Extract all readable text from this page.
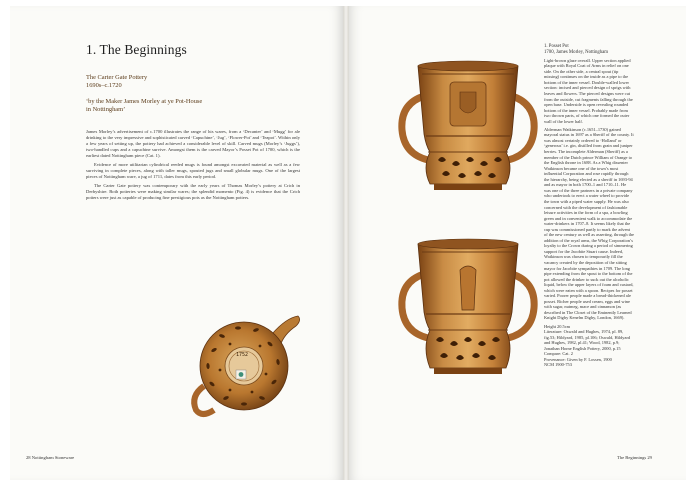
1. The Beginnings
The Carter Gate Pottery
1690s–c.1720
‘by the Maker James Morley at ye Pot-House
in Nottingham’

James Morley’s advertisement of c.1700 illustrates the range of his wares, from a ‘Decanter’ and ‘Mugg’ for ale drinking to the very impressive and sophisticated carved ‘Capuchine’, ‘Jug’, ‘Flower-Pot’ and ‘Teapot’. Within only a few years of setting up, the pottery had achieved a considerable level of skill. Carved mugs (Morley’s ‘Juggs’), two-handled cups and a capuchine survive. Amongst them is the carved Mayor’s Posset Pot of 1700, which is the earliest dated Nottingham piece (Cat. 1).

Evidence of more utilitarian cylindrical reeded mugs is found amongst excavated material as well as a few surviving in complete pieces, along with taller mugs, spouted jugs and small globular mugs. One of the largest pieces of Nottingham ware, a jug of 1711, dates from this early period.

The Carter Gate pottery was contemporary with the early years of Thomas Morley’s pottery at Crich in Derbyshire. Both potteries were making similar wares; the splendid momento (Fig. 4) is evidence that the Crich potters were just as capable of producing fine prestigious pots as the Nottingham potters.

1752
28 Nottingham Stoneware

1. Posset Pot

1700, James Morley, Nottingham

Light-brown glaze overall. Upper section applied plaque with Royal Coat of Arms in relief on one side. On the other side, a central spout (tip missing) continues on the inside as a pipe to the bottom of the inner vessel. Double-walled lower section: incised and pierced design of sprigs with leaves and flowers. The pierced designs were cut from the outside, cut fragments falling through the open base. Underside is open revealing rounded bottom of the inner vessel. Probably made from two thrown parts, of which one formed the outer wall of the lower half.

Alderman Watkinson (c.1651–1730) gained mayoral status in 1697 as a Sheriff of the county. It was almost certainly ordered to ‘Holland’ or ‘generous’ i.e. gin, distilled from grain and juniper berries. The incomplete Alderman (Sheriff) as a member of the Dutch prince William of Orange to the English throne in 1688. As a Whig dissenter Watkinson became one of the town’s most influential Corporation and rose rapidly through the hierarchy, being elected as a sheriff in 1693-94 and as mayor in both 1700–1 and 1710–11. He was one of the three partners in a private company who undertook to erect a water wheel to provide the town with a piped water supply. He was also concerned with the development of fashionable leisure activities in the form of a spa, a bowling green and in convenient walk to accommodate the water-drinkers in 1707–8. It seems likely that the cup was commissioned partly to mark the advent of the new century as well as asserting, through the addition of the royal arms, the Whig Corporation’s loyalty to the Crown during a period of simmering support for the Jacobite Stuart cause. Indeed, Watkinson was chosen to temporarily fill the vacancy created by the deposition of the sitting mayor for Jacobite sympathies in 1709. The long pipe extending from the spout to the bottom of the pot allowed the drinker to suck out the alcoholic liquid, below the upper layers of foam and custard, which were eaten with a spoon. Recipes for posset varied. Poorer people made a bread-thickened ale posset. Richer people used cream, eggs and wine with sugar, nutmeg, mace and cinnamon (as described in The Closet of the Eminently Learned Knight Digby Kenelm Digby, London, 1669).

Height 20.5cm

Literature: Oswald and Hughes, 1974, pl. 89, fig.53; Hildyard, 1985, pl.106; Oswald, Hildyard and Hughes, 1982, pl.41; Wood, 1982, p.9; Jonathan Horne English Pottery, 2000, p.15

Compare: Cat. 2

Provenance: Given by F. Lossen, 1900

NCM 1900-753

The Beginnings 29
